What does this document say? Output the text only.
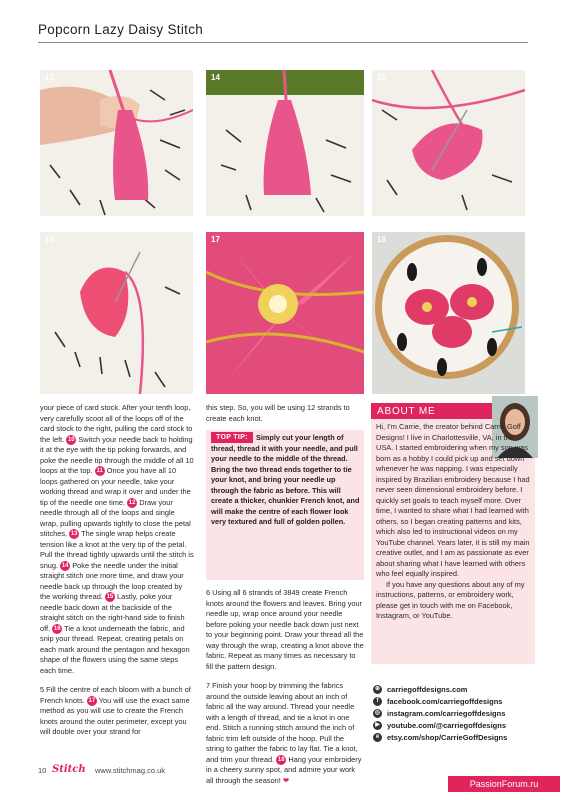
Popcorn Lazy Daisy Stitch
13	14	15
16	17	18

your piece of card stock. After your tenth loop, very carefully scoot all of the loops off of the card stock to the right, pulling the card stock to the left. 10 Switch your needle back to holding it at the eye with the tip poking forwards, and poke the needle tip through the middle of all 10 loops at the top. 11 Once you have all 10 loops gathered on your needle, take your working thread and wrap it over and under the tip of the needle one time. 12 Draw your needle through all of the loops and single wrap, pulling upwards tightly to close the petal stitches. 13 The single wrap helps create tension like a knot at the very tip of the petal. Pull the thread tightly upwards until the stitch is snug. 14 Poke the needle under the initial straight stitch one more time, and draw your needle back up through the loop created by the working thread. 15 Lastly, poke your needle back down at the backside of the straight stitch on the right-hand side to finish off. 16 Tie a knot underneath the fabric, and snip your thread. Repeat, creating petals on each mark around the pentagon and hexagon shape of the flowers using the same steps each time.

5 Fill the centre of each bloom with a bunch of French knots. 17 You will use the exact same method as you will use to create the French knots around the outer perimeter, except you will double over your strand for

this step. So, you will be using 12 strands to create each knot.

Simply cut your length of thread, thread it with your needle, and pull your needle to the middle of the thread. Bring the two thread ends together to tie your knot, and bring your needle up through the fabric as before. This will create a thicker, chunkier French knot, and will make the centre of each flower look very textured and full of golden pollen.
TOP TIP:

6 Using all 6 strands of 3849 create French knots around the flowers and leaves. Bring your needle up, wrap once around your needle before poking your needle back down just next to your beginning point. Draw your thread all the way through the wrap, creating a knot above the fabric. Repeat as many times as necessary to fill the pattern design.

7 Finish your hoop by trimming the fabrics around the outside leaving about an inch of fabric all the way around. Thread your needle with a length of thread, and tie a knot in one end. Stitch a running stitch around the inch of fabric trim left outside of the hoop. Pull the string to gather the fabric to lay flat. Tie a knot, and trim your thread. 18 Hang your embroidery in a cheery sunny spot, and admire your work all through the season! ❤

ABOUT ME

Hi, I’m Carrie, the creator behind Carrie Goff Designs! I live in Charlottesville, VA, in the USA. I started embroidering when my son was born as a hobby I could pick up and set down whenever he was napping. I was especially inspired by Brazilian embroidery because I had never seen dimensional embroidery before. I quickly set goals to teach myself more. Over time, I wanted to share what I had learned with others, so I began creating patterns and kits, which also led to instructional videos on my YouTube channel. Years later, it is still my main creative outlet, and I am as passionate as ever about sharing what I have learned with others who feel equally inspired.

If you have any questions about any of my instructions, patterns, or embroidery work, please get in touch with me on Facebook, Instagram, or YouTube.

⊕ carriegoffdesigns.com
f	facebook.com/carriegoffdesigns
◎ instagram.com/carriegoffdesigns
▶ youtube.com/@carriegoffdesigns
e	etsy.com/shop/CarrieGoffDesigns
10 Stitch www.stitchmag.co.uk
PassionForum.ru
